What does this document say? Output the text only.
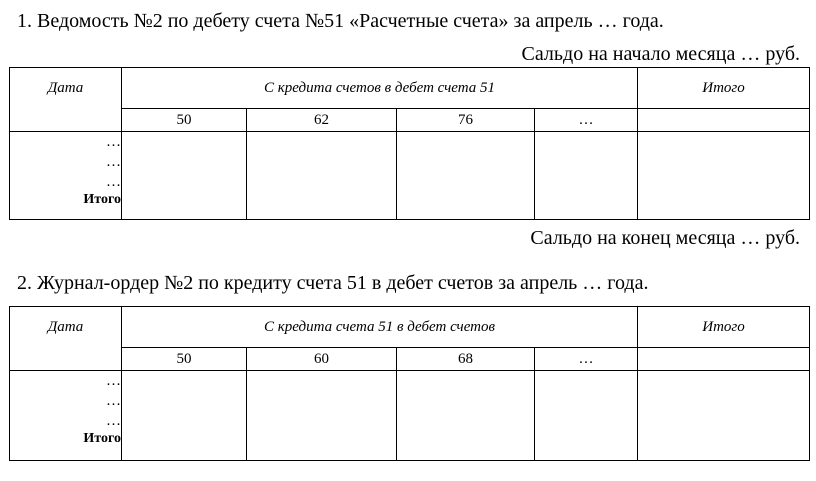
1. Ведомость №2 по дебету счета №51 «Расчетные счета» за апрель … года.
Сальдо на начало месяца … руб.
Дата	С кредита счетов в дебет счета 51				Итого
	50	62	76	…	

…
…
…
Итого					

Сальдо на конец месяца … руб.
2. Журнал-ордер №2 по кредиту счета 51 в дебет счетов за апрель … года.
Дата	С кредита счета 51 в дебет счетов				Итого
	50	60	68	…	

…
…
…
Итого					
